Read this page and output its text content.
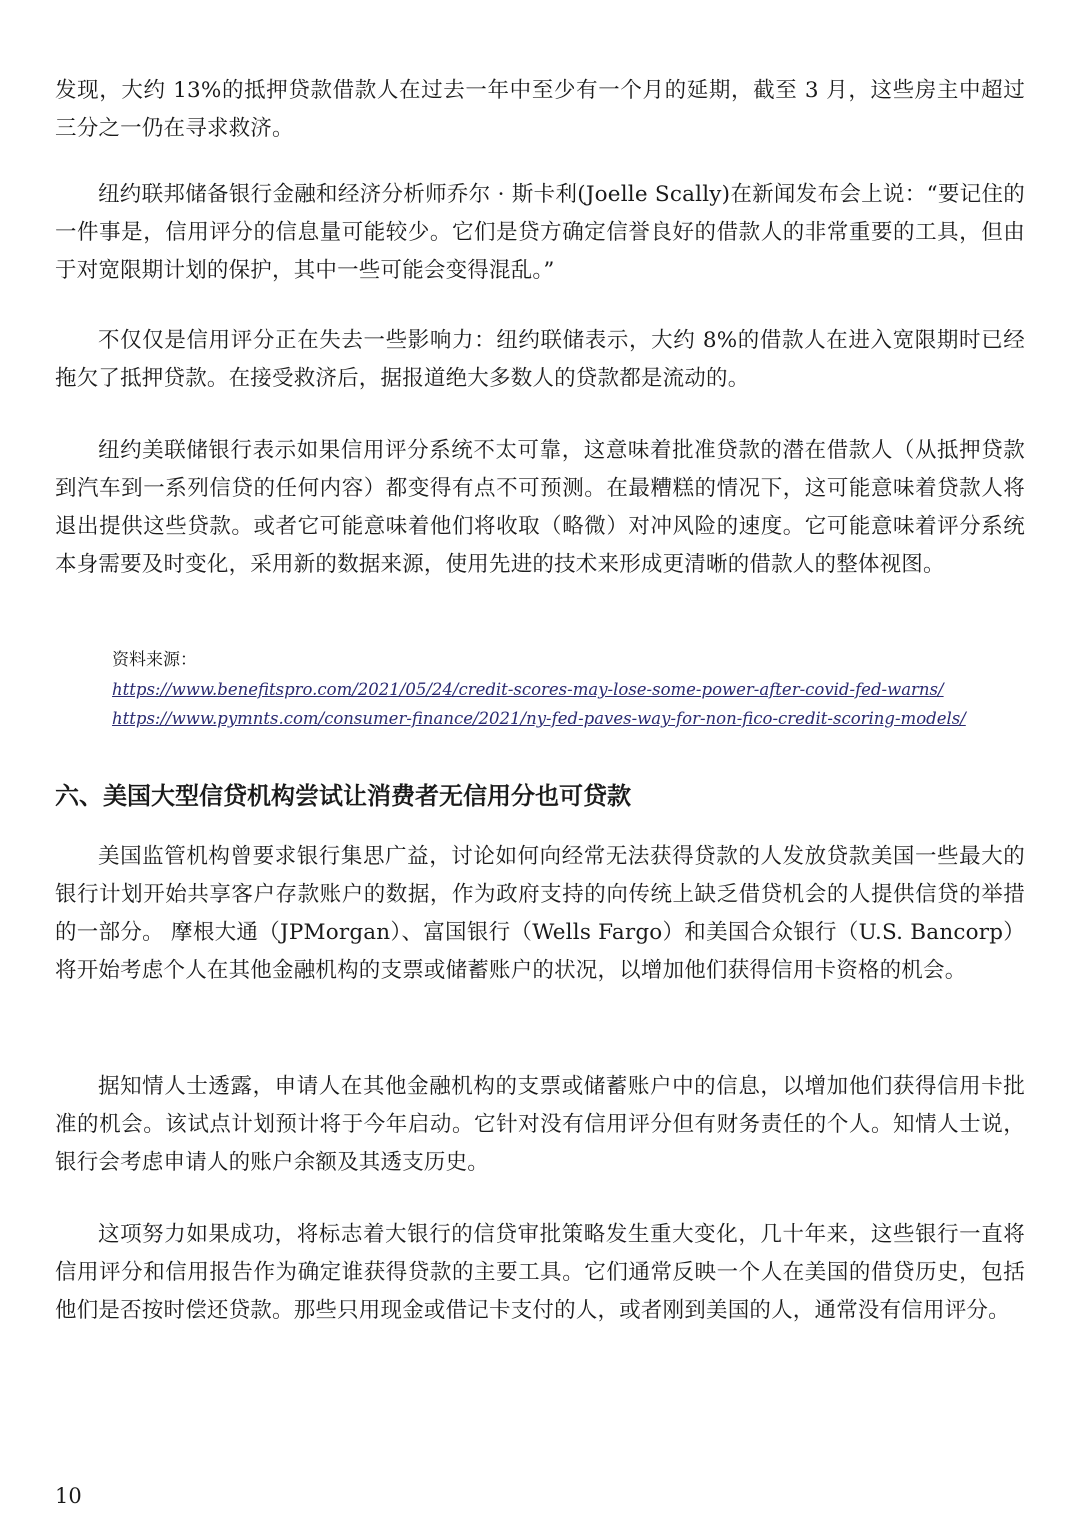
发现，大约 13%的抵押贷款借款人在过去一年中至少有一个月的延期，截至 3 月，这些房主中超过三分之一仍在寻求救济。

纽约联邦储备银行金融和经济分析师乔尔 · 斯卡利(Joelle Scally)在新闻发布会上说：“要记住的一件事是，信用评分的信息量可能较少。它们是贷方确定信誉良好的借款人的非常重要的工具，但由于对宽限期计划的保护，其中一些可能会变得混乱。”

不仅仅是信用评分正在失去一些影响力：纽约联储表示，大约 8%的借款人在进入宽限期时已经拖欠了抵押贷款。在接受救济后，据报道绝大多数人的贷款都是流动的。

纽约美联储银行表示如果信用评分系统不太可靠，这意味着批准贷款的潜在借款人（从抵押贷款到汽车到一系列信贷的任何内容）都变得有点不可预测。在最糟糕的情况下，这可能意味着贷款人将退出提供这些贷款。或者它可能意味着他们将收取（略微）对冲风险的速度。它可能意味着评分系统本身需要及时变化，采用新的数据来源，使用先进的技术来形成更清晰的借款人的整体视图。

资料来源：
https://www.benefitspro.com/2021/05/24/credit-scores-may-lose-some-power-after-covid-fed-warns/
https://www.pymnts.com/consumer-finance/2021/ny-fed-paves-way-for-non-fico-credit-scoring-models/
六、美国大型信贷机构尝试让消费者无信用分也可贷款

美国监管机构曾要求银行集思广益，讨论如何向经常无法获得贷款的人发放贷款美国一些最大的银行计划开始共享客户存款账户的数据，作为政府支持的向传统上缺乏借贷机会的人提供信贷的举措的一部分。 摩根大通（JPMorgan）、富国银行（Wells Fargo）和美国合众银行（U.S. Bancorp）将开始考虑个人在其他金融机构的支票或储蓄账户的状况，以增加他们获得信用卡资格的机会。

据知情人士透露，申请人在其他金融机构的支票或储蓄账户中的信息，以增加他们获得信用卡批准的机会。该试点计划预计将于今年启动。它针对没有信用评分但有财务责任的个人。知情人士说，银行会考虑申请人的账户余额及其透支历史。

这项努力如果成功，将标志着大银行的信贷审批策略发生重大变化，几十年来，这些银行一直将信用评分和信用报告作为确定谁获得贷款的主要工具。它们通常反映一个人在美国的借贷历史，包括他们是否按时偿还贷款。那些只用现金或借记卡支付的人，或者刚到美国的人，通常没有信用评分。

10
